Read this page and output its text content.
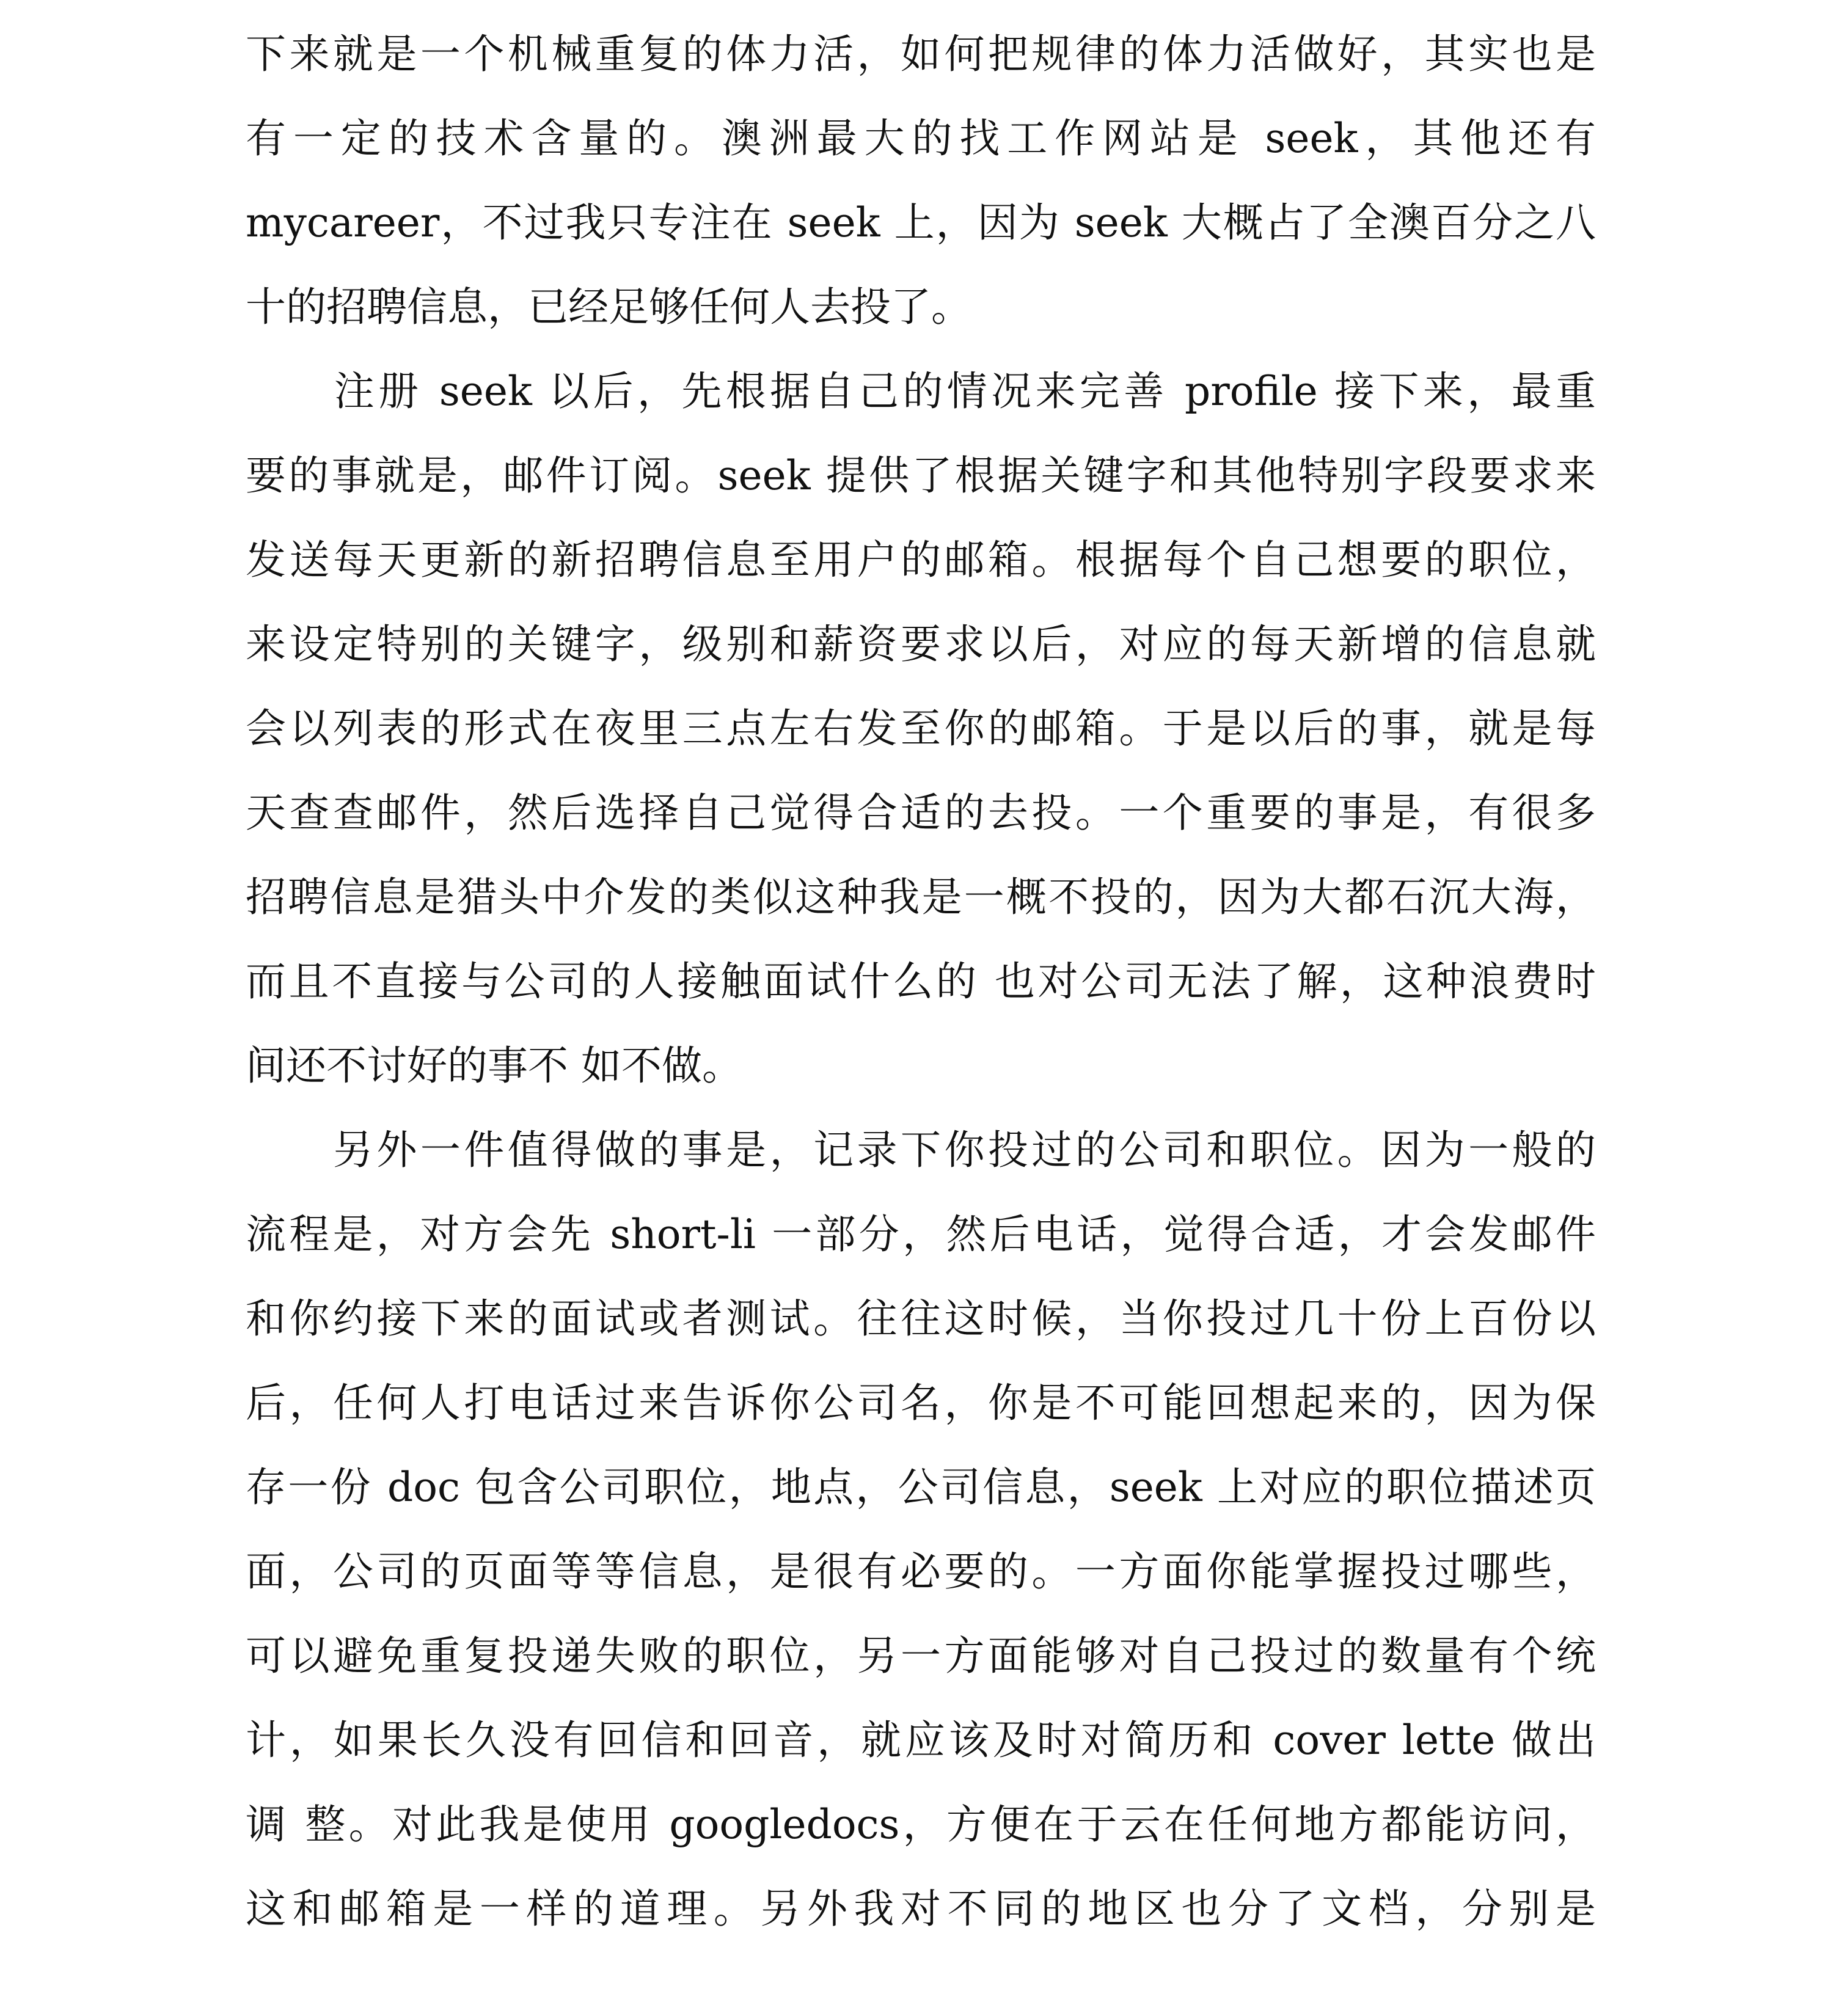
下来就是一个机械重复的体力活，如何把规律的体力活做好，其实也是
有一定的技术含量的。澳洲最大的找工作网站是 seek，其他还有
mycareer，不过我只专注在 seek 上，因为 seek 大概占了全澳百分之八
十的招聘信息，已经足够任何人去投了。
　　注册 seek 以后，先根据自己的情况来完善 profile 接下来，最重
要的事就是，邮件订阅。seek 提供了根据关键字和其他特别字段要求来
发送每天更新的新招聘信息至用户的邮箱。根据每个自己想要的职位，
来设定特别的关键字，级别和薪资要求以后，对应的每天新增的信息就
会以列表的形式在夜里三点左右发至你的邮箱。于是以后的事，就是每
天查查邮件，然后选择自己觉得合适的去投。一个重要的事是，有很多
招聘信息是猎头中介发的类似这种我是一概不投的，因为大都石沉大海，
而且不直接与公司的人接触面试什么的 也对公司无法了解，这种浪费时
间还不讨好的事不 如不做。
　　另外一件值得做的事是，记录下你投过的公司和职位。因为一般的
流程是，对方会先 short-li 一部分，然后电话，觉得合适，才会发邮件
和你约接下来的面试或者测试。往往这时候，当你投过几十份上百份以
后，任何人打电话过来告诉你公司名，你是不可能回想起来的，因为保
存一份 doc 包含公司职位，地点，公司信息，seek 上对应的职位描述页
面，公司的页面等等信息，是很有必要的。一方面你能掌握投过哪些，
可以避免重复投递失败的职位，另一方面能够对自己投过的数量有个统
计，如果长久没有回信和回音，就应该及时对简历和 cover lette 做出
调 整。对此我是使用 googledocs，方便在于云在任何地方都能访问，
这和邮箱是一样的道理。另外我对不同的地区也分了文档，分别是
